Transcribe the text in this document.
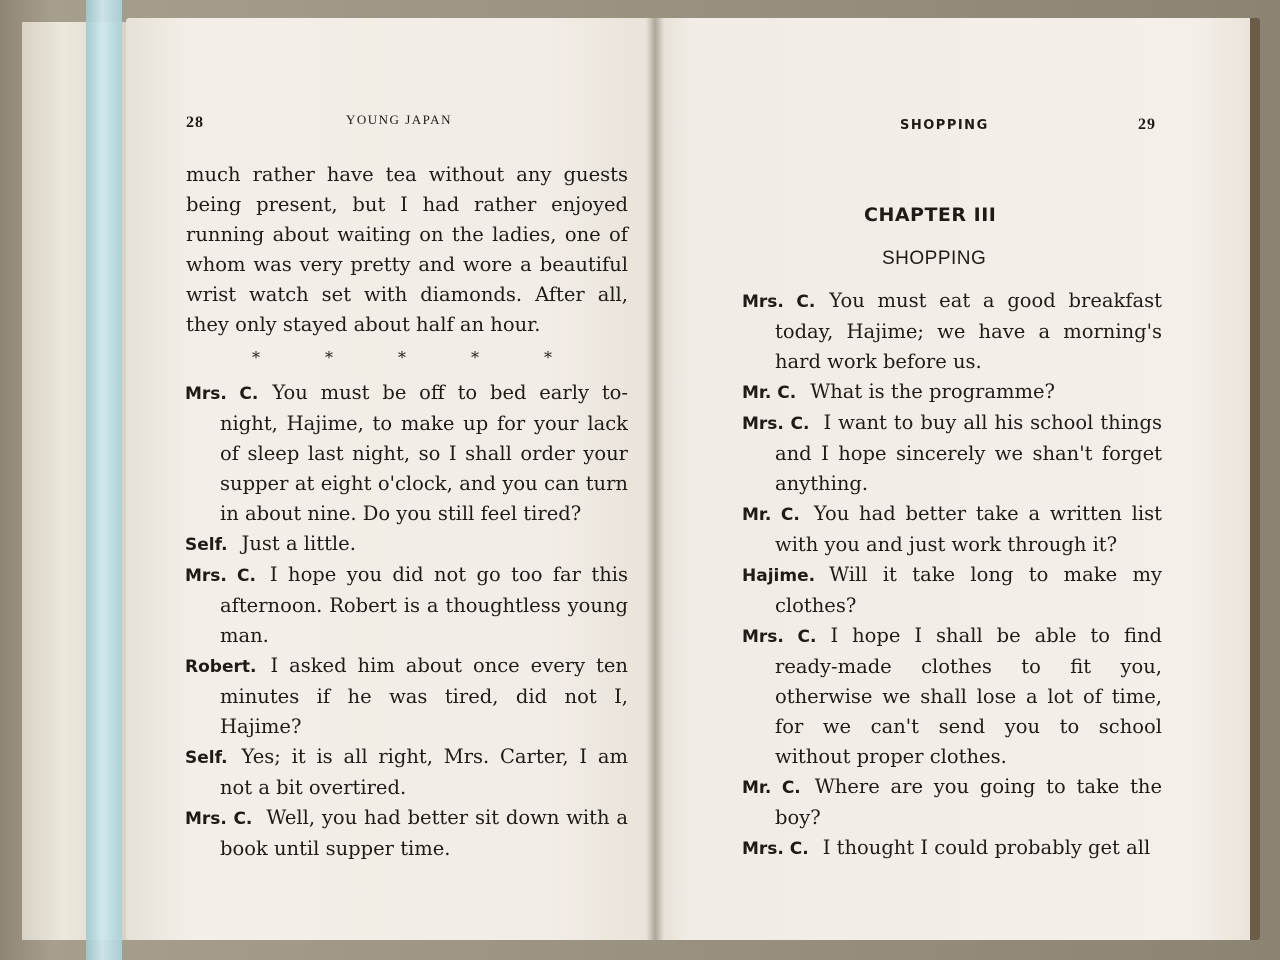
28	YOUNG JAPAN

much rather have tea without any guests being present, but I had rather enjoyed running about waiting on the ladies, one of whom was very pretty and wore a beautiful wrist watch set with diamonds. After all, they only stayed about half an hour.

*	*	*	*	*

Mrs. C. You must be off to bed early to-night, Hajime, to make up for your lack of sleep last night, so I shall order your supper at eight o'clock, and you can turn in about nine. Do you still feel tired?

Self. Just a little.

Mrs. C. I hope you did not go too far this afternoon. Robert is a thoughtless young man.

Robert. I asked him about once every ten minutes if he was tired, did not I, Hajime?

Self. Yes; it is all right, Mrs. Carter, I am not a bit overtired.

Mrs. C. Well, you had better sit down with a book until supper time.

SHOPPING	29
CHAPTER III
SHOPPING

Mrs. C. You must eat a good breakfast today, Hajime; we have a morning's hard work before us.

Mr. C. What is the programme?

Mrs. C. I want to buy all his school things and I hope sincerely we shan't forget anything.

Mr. C. You had better take a written list with you and just work through it?

Hajime. Will it take long to make my clothes?

Mrs. C. I hope I shall be able to find ready-made clothes to fit you, otherwise we shall lose a lot of time, for we can't send you to school without proper clothes.

Mr. C. Where are you going to take the boy?

Mrs. C. I thought I could probably get all
